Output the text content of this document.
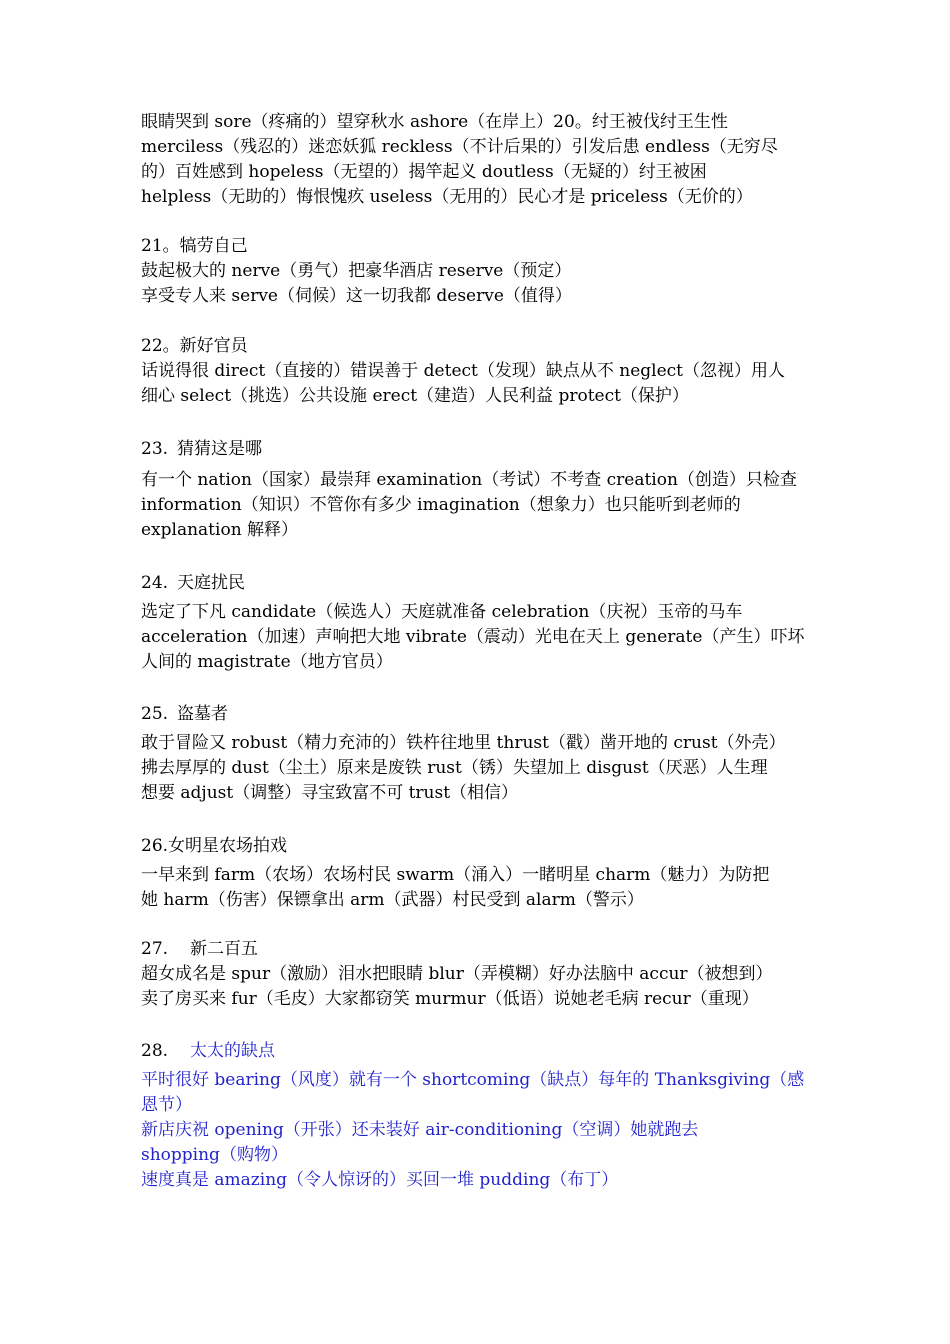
眼睛哭到 sore（疼痛的）望穿秋水 ashore（在岸上）20。纣王被伐纣王生性
merciless（残忍的）迷恋妖狐 reckless（不计后果的）引发后患 endless（无穷尽
的）百姓感到 hopeless（无望的）揭竿起义 doutless（无疑的）纣王被困
helpless（无助的）悔恨愧疚 useless（无用的）民心才是 priceless（无价的）
21。犒劳自己
鼓起极大的 nerve（勇气）把豪华酒店 reserve（预定）
享受专人来 serve（伺候）这一切我都 deserve（值得）
22。新好官员
话说得很 direct（直接的）错误善于 detect（发现）缺点从不 neglect（忽视）用人
细心 select（挑选）公共设施 erect（建造）人民利益 protect（保护）
23. 猜猜这是哪
有一个 nation（国家）最崇拜 examination（考试）不考查 creation（创造）只检查
information（知识）不管你有多少 imagination（想象力）也只能听到老师的
explanation 解释）
24. 天庭扰民
选定了下凡 candidate（候选人）天庭就准备 celebration（庆祝）玉帝的马车
acceleration（加速）声响把大地 vibrate（震动）光电在天上 generate（产生）吓坏
人间的 magistrate（地方官员）
25. 盗墓者
敢于冒险又 robust（精力充沛的）铁杵往地里 thrust（戳）凿开地的 crust（外壳）
拂去厚厚的 dust（尘土）原来是废铁 rust（锈）失望加上 disgust（厌恶）人生理
想要 adjust（调整）寻宝致富不可 trust（相信）
26.女明星农场拍戏
一早来到 farm（农场）农场村民 swarm（涌入）一睹明星 charm（魅力）为防把
她 harm（伤害）保镖拿出 arm（武器）村民受到 alarm（警示）
27. 新二百五
超女成名是 spur（激励）泪水把眼睛 blur（弄模糊）好办法脑中 accur（被想到）
卖了房买来 fur（毛皮）大家都窃笑 murmur（低语）说她老毛病 recur（重现）
28. 太太的缺点
平时很好 bearing（风度）就有一个 shortcoming（缺点）每年的 Thanksgiving（感
恩节）
新店庆祝 opening（开张）还未装好 air-conditioning（空调）她就跑去
shopping（购物）
速度真是 amazing（令人惊讶的）买回一堆 pudding（布丁）
